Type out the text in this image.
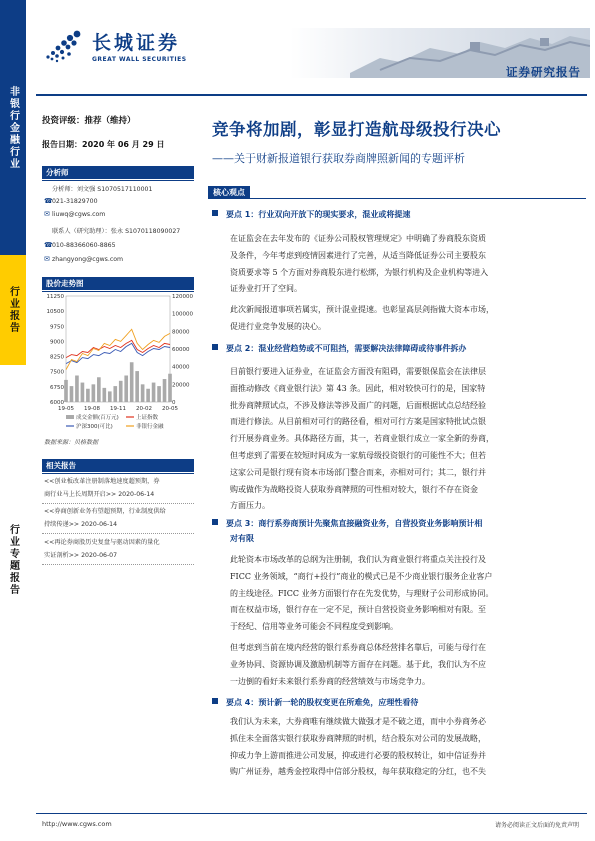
非银行金融行业
行业报告
行业专题报告
长城证券
GREAT WALL SECURITIES
证券研究报告
投资评级：推荐（维持）
报告日期：2020 年 06 月 29 日
分析师
分析师：刘文强 S1070517110001
☎021-31829700
✉ liuwq@cgws.com
联系人（研究助理）：张永 S1070118090027
☎010-88366060-8865
✉ zhangyong@cgws.com
股价走势图
11250
10500
9750
9000
8250
7500
6750
6000
120000
100000
80000
60000
40000
20000
0
19-05 19-08 19-11 20-02 20-05
成交金额(百万元)	上证指数
沪深300(可比)	非银行金融
数据来源：贝格数据
相关报告
<<创业板改革注册制落地速度超预期，券
商行业马上长周期开启>> 2020-06-14
<<券商创新业务有望超预期，行业制度供给
持续传递>> 2020-06-14
<<再论券商股历史复盘与驱动因素的量化
实证剖析>> 2020-06-07
竞争将加剧，彰显打造航母级投行决心
——关于财新报道银行获取券商牌照新闻的专题评析
核心观点
要点 1：行业双向开放下的现实要求，混业或将提速
在证监会在去年发布的《证券公司股权管理规定》中明确了券商股东资质
及条件，今年考虑到疫情因素进行了完善，从适当降低证券公司主要股东
资质要求等 5 个方面对券商股东进行松绑，为银行机构及企业机构等进入
证券业打开了空间。
此次新闻报道事项若属实，预计混业提速。也彰显高层剑指做大资本市场，
促进行业竞争发展的决心。
要点 2：混业经营趋势或不可阻挡，需要解决法律障碍或待事件拆办
目前银行要进入证券业，在证监会方面没有阻碍，需要银保监会在法律层
面推动修改《商业银行法》第 43 条。因此，相对较快可行的是，国家特
批券商牌照试点，不涉及修法等涉及面广的问题，后面根据试点总结经验
而进行修法。从目前相对可行的路径看，相对可行方案是国家特批试点银
行开展券商业务。具体路径方面，其一，若商业银行成立一家全新的券商，
但考虑到了需要在较短时间成为一家航母级投资银行的可能性不大；但若
这家公司是银行现有资本市场部门整合而来，亦相对可行；其二，银行并
购或做作为战略投资人获取券商牌照的可性相对较大，银行不存在资金
方面压力。
要点 3：商行系券商预计先聚焦直接融资业务，自营投资业务影响预计相
对有限
此轮资本市场改革的总纲为注册制，我们认为商业银行将重点关注投行及
FICC 业务领域，“商行+投行”商业的模式已是不少商业银行服务企业客户
的主线途径。FICC 业务方面银行存在先发优势，与理财子公司形成协同。
而在权益市场，银行存在一定不足，预计自营投资业务影响相对有限。至
于经纪、信用等业务可能会不同程度受到影响。
但考虑到当前在境内经营的银行系券商总体经营排名靠后，可能与母行在
业务协同、资源协调及激励机制等方面存在问题。基于此，我们认为不应
一边倒的看好未来银行系券商的经营绩效与市场竞争力。
要点 4：预计新一轮的股权变更在所难免，应理性看待
我们认为未来，大券商唯有继续做大做强才是不破之道，而中小券商务必
抓住未全面落实银行获取券商牌照的时机，结合股东对公司的发展战略，
抑或力争上游而推进公司发展，抑或进行必要的股权转让，如中信证券并
购广州证券，越秀金控取得中信部分股权，每年获取稳定的分红，也不失
http://www.cgws.com	请务必阅读正文后面的免责声明
